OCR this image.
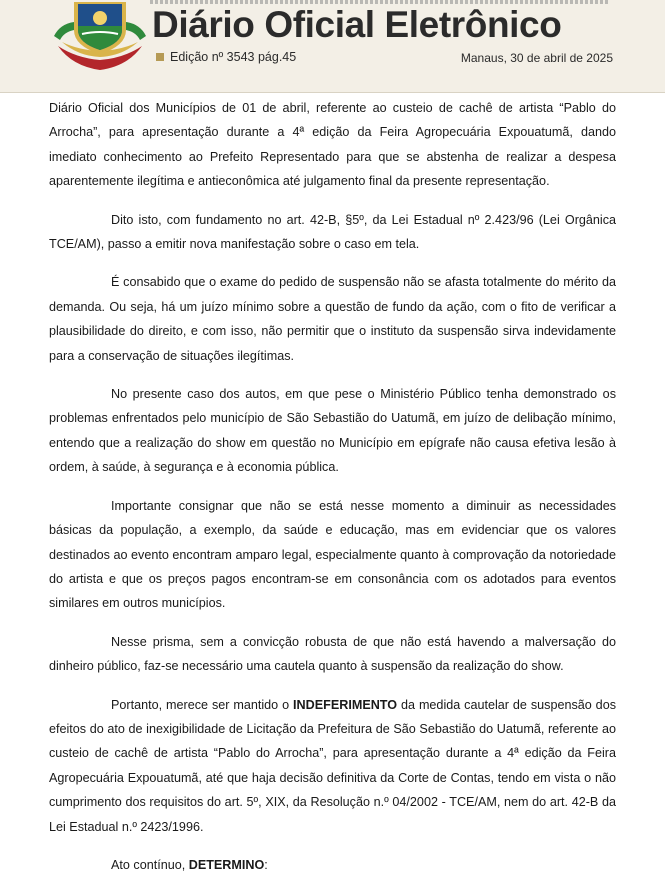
Diário Oficial Eletrônico
Edição nº 3543 pág.45	Manaus, 30 de abril de 2025

Diário Oficial dos Municípios de 01 de abril, referente ao custeio de cachê de artista “Pablo do Arrocha”, para apresentação durante a 4ª edição da Feira Agropecuária Expouatumã, dando imediato conhecimento ao Prefeito Representado para que se abstenha de realizar a despesa aparentemente ilegítima e antieconômica até julgamento final da presente representação.

Dito isto, com fundamento no art. 42-B, §5º, da Lei Estadual nº 2.423/96 (Lei Orgânica TCE/AM), passo a emitir nova manifestação sobre o caso em tela.

É consabido que o exame do pedido de suspensão não se afasta totalmente do mérito da demanda. Ou seja, há um juízo mínimo sobre a questão de fundo da ação, com o fito de verificar a plausibilidade do direito, e com isso, não permitir que o instituto da suspensão sirva indevidamente para a conservação de situações ilegítimas.

No presente caso dos autos, em que pese o Ministério Público tenha demonstrado os problemas enfrentados pelo município de São Sebastião do Uatumã, em juízo de delibação mínimo, entendo que a realização do show em questão no Município em epígrafe não causa efetiva lesão à ordem, à saúde, à segurança e à economia pública.

Importante consignar que não se está nesse momento a diminuir as necessidades básicas da população, a exemplo, da saúde e educação, mas em evidenciar que os valores destinados ao evento encontram amparo legal, especialmente quanto à comprovação da notoriedade do artista e que os preços pagos encontram-se em consonância com os adotados para eventos similares em outros municípios.

Nesse prisma, sem a convicção robusta de que não está havendo a malversação do dinheiro público, faz-se necessário uma cautela quanto à suspensão da realização do show.

Portanto, merece ser mantido o INDEFERIMENTO da medida cautelar de suspensão dos efeitos do ato de inexigibilidade de Licitação da Prefeitura de São Sebastião do Uatumã, referente ao custeio de cachê de artista “Pablo do Arrocha”, para apresentação durante a 4ª edição da Feira Agropecuária Expouatumã, até que haja decisão definitiva da Corte de Contas, tendo em vista o não cumprimento dos requisitos do art. 5º, XIX, da Resolução n.º 04/2002 - TCE/AM, nem do art. 42-B da Lei Estadual n.º 2423/1996.

Ato contínuo, DETERMINO:
